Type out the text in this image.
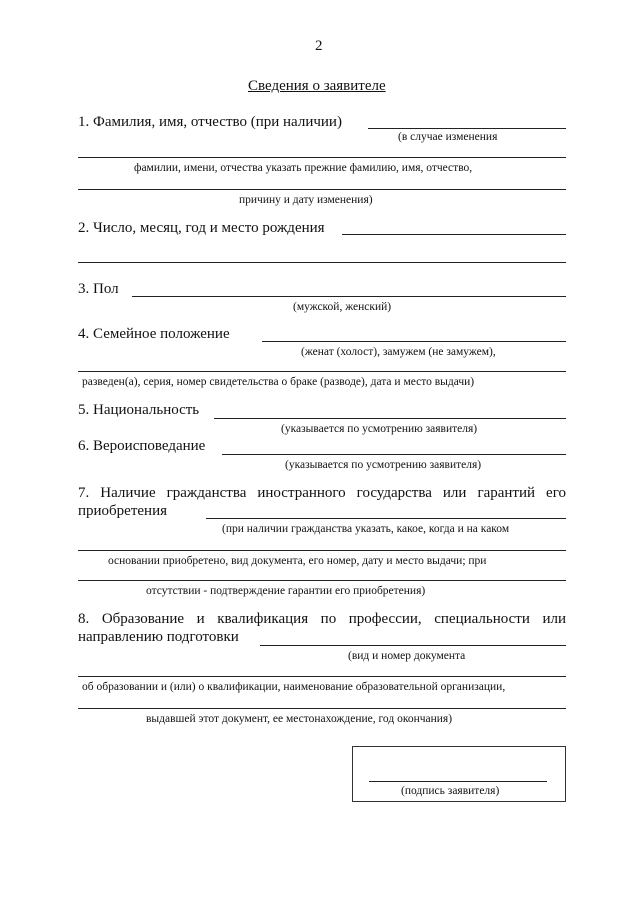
2
Сведения о заявителе
1. Фамилия, имя, отчество (при наличии)
(в случае изменения
фамилии, имени, отчества указать прежние фамилию, имя, отчество,
причину и дату изменения)
2. Число, месяц, год и место рождения
3. Пол
(мужской, женский)
4. Семейное положение
(женат (холост), замужем (не замужем),
разведен(а), серия, номер свидетельства о браке (разводе), дата и место выдачи)
5. Национальность
(указывается по усмотрению заявителя)
6. Вероисповедание
(указывается по усмотрению заявителя)
7. Наличие гражданства иностранного государства или гарантий его
приобретения
(при наличии гражданства указать, какое, когда и на каком
основании приобретено, вид документа, его номер, дату и место выдачи; при
отсутствии - подтверждение гарантии его приобретения)
8. Образование и квалификация по профессии, специальности или
направлению подготовки
(вид и номер документа
об образовании и (или) о квалификации, наименование образовательной организации,
выдавшей этот документ, ее местонахождение, год окончания)
(подпись заявителя)
